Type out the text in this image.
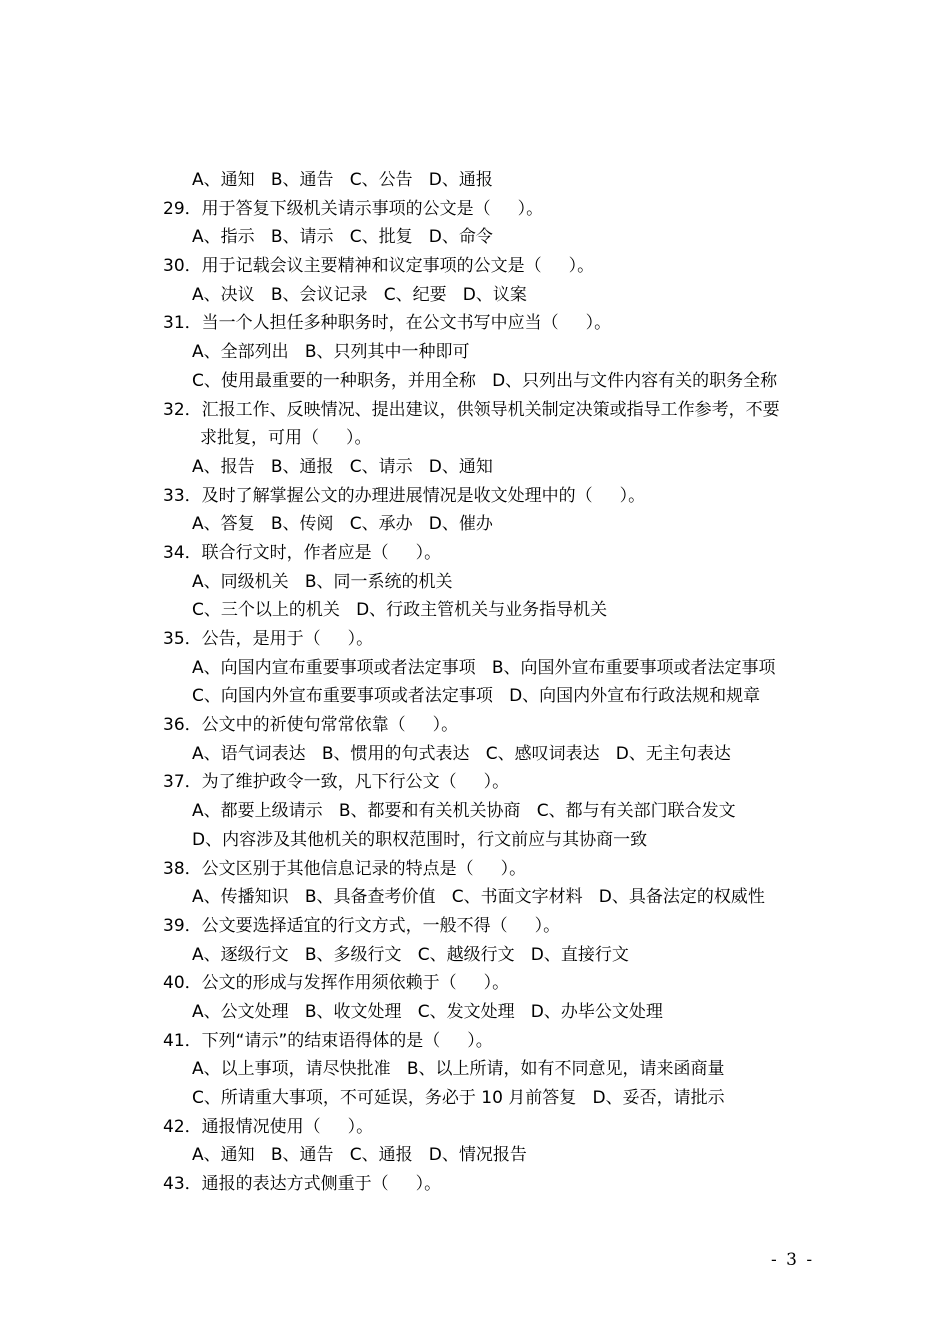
A、通知   B、通告   C、公告   D、通报
29．用于答复下级机关请示事项的公文是（     ）。
A、指示   B、请示   C、批复   D、命令
30．用于记载会议主要精神和议定事项的公文是（     ）。
A、决议   B、会议记录   C、纪要   D、议案
31．当一个人担任多种职务时，在公文书写中应当（     ）。
A、全部列出   B、只列其中一种即可
C、使用最重要的一种职务，并用全称   D、只列出与文件内容有关的职务全称
32．汇报工作、反映情况、提出建议，供领导机关制定决策或指导工作参考，不要
求批复，可用（     ）。
A、报告   B、通报   C、请示   D、通知
33．及时了解掌握公文的办理进展情况是收文处理中的（     ）。
A、答复   B、传阅   C、承办   D、催办
34．联合行文时，作者应是（     ）。
A、同级机关   B、同一系统的机关
C、三个以上的机关   D、行政主管机关与业务指导机关
35．公告，是用于（     ）。
A、向国内宣布重要事项或者法定事项   B、向国外宣布重要事项或者法定事项
C、向国内外宣布重要事项或者法定事项   D、向国内外宣布行政法规和规章
36．公文中的祈使句常常依靠（     ）。
A、语气词表达   B、惯用的句式表达   C、感叹词表达   D、无主句表达
37．为了维护政令一致，凡下行公文（     ）。
A、都要上级请示   B、都要和有关机关协商   C、都与有关部门联合发文
D、内容涉及其他机关的职权范围时，行文前应与其协商一致
38．公文区别于其他信息记录的特点是（     ）。
A、传播知识   B、具备查考价值   C、书面文字材料   D、具备法定的权威性
39．公文要选择适宜的行文方式，一般不得（     ）。
A、逐级行文   B、多级行文   C、越级行文   D、直接行文
40．公文的形成与发挥作用须依赖于（     ）。
A、公文处理   B、收文处理   C、发文处理   D、办毕公文处理
41．下列“请示”的结束语得体的是（     ）。
A、以上事项，请尽快批准   B、以上所请，如有不同意见，请来函商量
C、所请重大事项，不可延误，务必于 10 月前答复   D、妥否，请批示
42．通报情况使用（     ）。
A、通知   B、通告   C、通报   D、情况报告
43．通报的表达方式侧重于（     ）。
- 3 -
